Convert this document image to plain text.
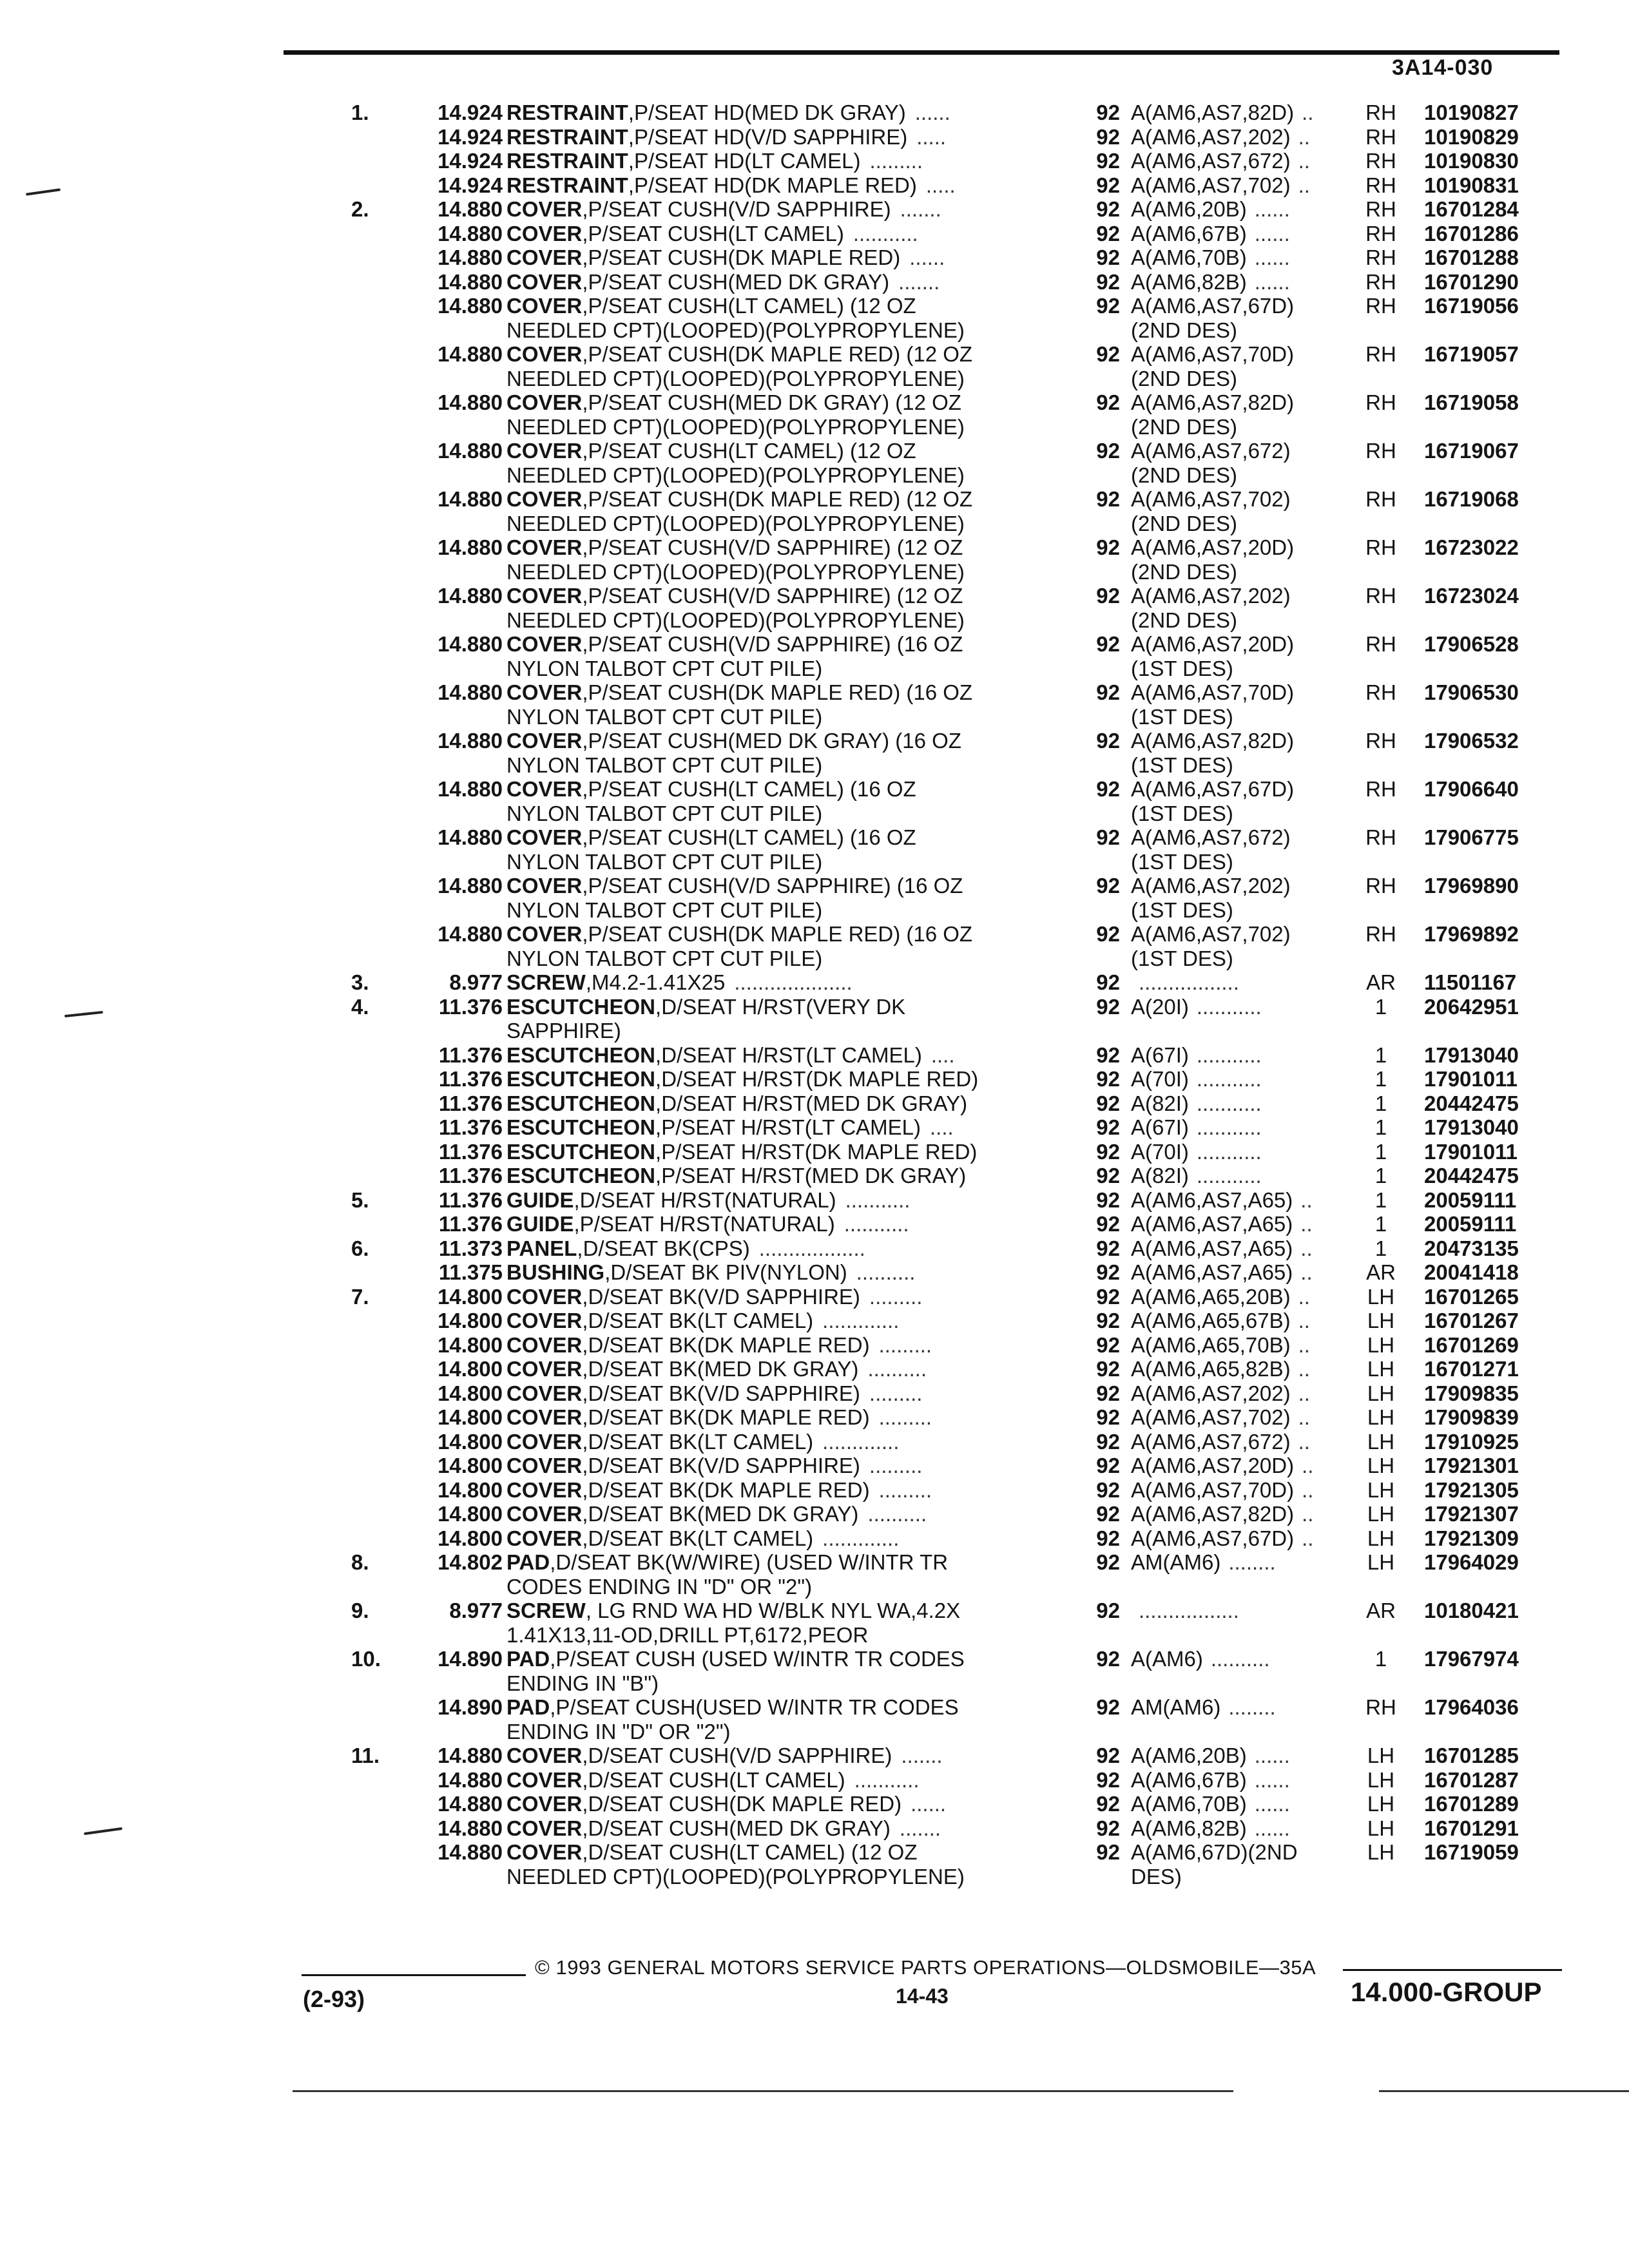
3A14-030
1.	14.924 RESTRAINT,P/SEAT HD(MED DK GRAY) ......	92 A(AM6,AS7,82D) ..	RH	10190827
14.924 RESTRAINT,P/SEAT HD(V/D SAPPHIRE) .....	92 A(AM6,AS7,202) ..	RH	10190829
14.924 RESTRAINT,P/SEAT HD(LT CAMEL) .........	92 A(AM6,AS7,672) ..	RH	10190830
14.924 RESTRAINT,P/SEAT HD(DK MAPLE RED) .....	92 A(AM6,AS7,702) ..	RH	10190831
2.	14.880 COVER,P/SEAT CUSH(V/D SAPPHIRE) .......	92 A(AM6,20B) ......	RH	16701284
14.880 COVER,P/SEAT CUSH(LT CAMEL) ...........	92 A(AM6,67B) ......	RH	16701286
14.880 COVER,P/SEAT CUSH(DK MAPLE RED) ......	92 A(AM6,70B) ......	RH	16701288
14.880 COVER,P/SEAT CUSH(MED DK GRAY) .......	92 A(AM6,82B) ......	RH	16701290
14.880 COVER,P/SEAT CUSH(LT CAMEL) (12 OZ	92 A(AM6,AS7,67D)	RH	16719056
NEEDLED CPT)(LOOPED)(POLYPROPYLENE)	(2ND DES)
14.880 COVER,P/SEAT CUSH(DK MAPLE RED) (12 OZ	92 A(AM6,AS7,70D)	RH	16719057
NEEDLED CPT)(LOOPED)(POLYPROPYLENE)	(2ND DES)
14.880 COVER,P/SEAT CUSH(MED DK GRAY) (12 OZ	92 A(AM6,AS7,82D)	RH	16719058
NEEDLED CPT)(LOOPED)(POLYPROPYLENE)	(2ND DES)
14.880 COVER,P/SEAT CUSH(LT CAMEL) (12 OZ	92 A(AM6,AS7,672)	RH	16719067
NEEDLED CPT)(LOOPED)(POLYPROPYLENE)	(2ND DES)
14.880 COVER,P/SEAT CUSH(DK MAPLE RED) (12 OZ	92 A(AM6,AS7,702)	RH	16719068
NEEDLED CPT)(LOOPED)(POLYPROPYLENE)	(2ND DES)
14.880 COVER,P/SEAT CUSH(V/D SAPPHIRE) (12 OZ	92 A(AM6,AS7,20D)	RH	16723022
NEEDLED CPT)(LOOPED)(POLYPROPYLENE)	(2ND DES)
14.880 COVER,P/SEAT CUSH(V/D SAPPHIRE) (12 OZ	92 A(AM6,AS7,202)	RH	16723024
NEEDLED CPT)(LOOPED)(POLYPROPYLENE)	(2ND DES)
14.880 COVER,P/SEAT CUSH(V/D SAPPHIRE) (16 OZ	92 A(AM6,AS7,20D)	RH	17906528
NYLON TALBOT CPT CUT PILE)	(1ST DES)
14.880 COVER,P/SEAT CUSH(DK MAPLE RED) (16 OZ	92 A(AM6,AS7,70D)	RH	17906530
NYLON TALBOT CPT CUT PILE)	(1ST DES)
14.880 COVER,P/SEAT CUSH(MED DK GRAY) (16 OZ	92 A(AM6,AS7,82D)	RH	17906532
NYLON TALBOT CPT CUT PILE)	(1ST DES)
14.880 COVER,P/SEAT CUSH(LT CAMEL) (16 OZ	92 A(AM6,AS7,67D)	RH	17906640
NYLON TALBOT CPT CUT PILE)	(1ST DES)
14.880 COVER,P/SEAT CUSH(LT CAMEL) (16 OZ	92 A(AM6,AS7,672)	RH	17906775
NYLON TALBOT CPT CUT PILE)	(1ST DES)
14.880 COVER,P/SEAT CUSH(V/D SAPPHIRE) (16 OZ	92 A(AM6,AS7,202)	RH	17969890
NYLON TALBOT CPT CUT PILE)	(1ST DES)
14.880 COVER,P/SEAT CUSH(DK MAPLE RED) (16 OZ	92 A(AM6,AS7,702)	RH	17969892
NYLON TALBOT CPT CUT PILE)	(1ST DES)
3.	8.977 SCREW,M4.2-1.41X25 ....................	92 .................	AR	11501167
4.	11.376 ESCUTCHEON,D/SEAT H/RST(VERY DK	92 A(20I) ...........	1	20642951
SAPPHIRE)
11.376 ESCUTCHEON,D/SEAT H/RST(LT CAMEL) ....	92 A(67I) ...........	1	17913040
11.376 ESCUTCHEON,D/SEAT H/RST(DK MAPLE RED)	92 A(70I) ...........	1	17901011
11.376 ESCUTCHEON,D/SEAT H/RST(MED DK GRAY)	92 A(82I) ...........	1	20442475
11.376 ESCUTCHEON,P/SEAT H/RST(LT CAMEL) ....	92 A(67I) ...........	1	17913040
11.376 ESCUTCHEON,P/SEAT H/RST(DK MAPLE RED)	92 A(70I) ...........	1	17901011
11.376 ESCUTCHEON,P/SEAT H/RST(MED DK GRAY)	92 A(82I) ...........	1	20442475
5.	11.376 GUIDE,D/SEAT H/RST(NATURAL) ...........	92 A(AM6,AS7,A65) ..	1	20059111
11.376 GUIDE,P/SEAT H/RST(NATURAL) ...........	92 A(AM6,AS7,A65) ..	1	20059111
6.	11.373 PANEL,D/SEAT BK(CPS) ..................	92 A(AM6,AS7,A65) ..	1	20473135
11.375 BUSHING,D/SEAT BK PIV(NYLON) ..........	92 A(AM6,AS7,A65) ..	AR	20041418
7.	14.800 COVER,D/SEAT BK(V/D SAPPHIRE) .........	92 A(AM6,A65,20B) ..	LH	16701265
14.800 COVER,D/SEAT BK(LT CAMEL) .............	92 A(AM6,A65,67B) ..	LH	16701267
14.800 COVER,D/SEAT BK(DK MAPLE RED) .........	92 A(AM6,A65,70B) ..	LH	16701269
14.800 COVER,D/SEAT BK(MED DK GRAY) ..........	92 A(AM6,A65,82B) ..	LH	16701271
14.800 COVER,D/SEAT BK(V/D SAPPHIRE) .........	92 A(AM6,AS7,202) ..	LH	17909835
14.800 COVER,D/SEAT BK(DK MAPLE RED) .........	92 A(AM6,AS7,702) ..	LH	17909839
14.800 COVER,D/SEAT BK(LT CAMEL) .............	92 A(AM6,AS7,672) ..	LH	17910925
14.800 COVER,D/SEAT BK(V/D SAPPHIRE) .........	92 A(AM6,AS7,20D) ..	LH	17921301
14.800 COVER,D/SEAT BK(DK MAPLE RED) .........	92 A(AM6,AS7,70D) ..	LH	17921305
14.800 COVER,D/SEAT BK(MED DK GRAY) ..........	92 A(AM6,AS7,82D) ..	LH	17921307
14.800 COVER,D/SEAT BK(LT CAMEL) .............	92 A(AM6,AS7,67D) ..	LH	17921309
8.	14.802 PAD,D/SEAT BK(W/WIRE) (USED W/INTR TR	92 AM(AM6) ........	LH	17964029
CODES ENDING IN "D" OR "2")
9.	8.977 SCREW, LG RND WA HD W/BLK NYL WA,4.2X	92 .................	AR	10180421
1.41X13,11-OD,DRILL PT,6172,PEOR
10.	14.890 PAD,P/SEAT CUSH (USED W/INTR TR CODES	92 A(AM6) ..........	1	17967974
ENDING IN "B")
14.890 PAD,P/SEAT CUSH(USED W/INTR TR CODES	92 AM(AM6) ........	RH	17964036
ENDING IN "D" OR "2")
11.	14.880 COVER,D/SEAT CUSH(V/D SAPPHIRE) .......	92 A(AM6,20B) ......	LH	16701285
14.880 COVER,D/SEAT CUSH(LT CAMEL) ...........	92 A(AM6,67B) ......	LH	16701287
14.880 COVER,D/SEAT CUSH(DK MAPLE RED) ......	92 A(AM6,70B) ......	LH	16701289
14.880 COVER,D/SEAT CUSH(MED DK GRAY) .......	92 A(AM6,82B) ......	LH	16701291
14.880 COVER,D/SEAT CUSH(LT CAMEL) (12 OZ	92 A(AM6,67D)(2ND	LH	16719059
NEEDLED CPT)(LOOPED)(POLYPROPYLENE)	DES)
© 1993 GENERAL MOTORS SERVICE PARTS OPERATIONS—OLDSMOBILE—35A
(2-93)	14-43	14.000-GROUP
